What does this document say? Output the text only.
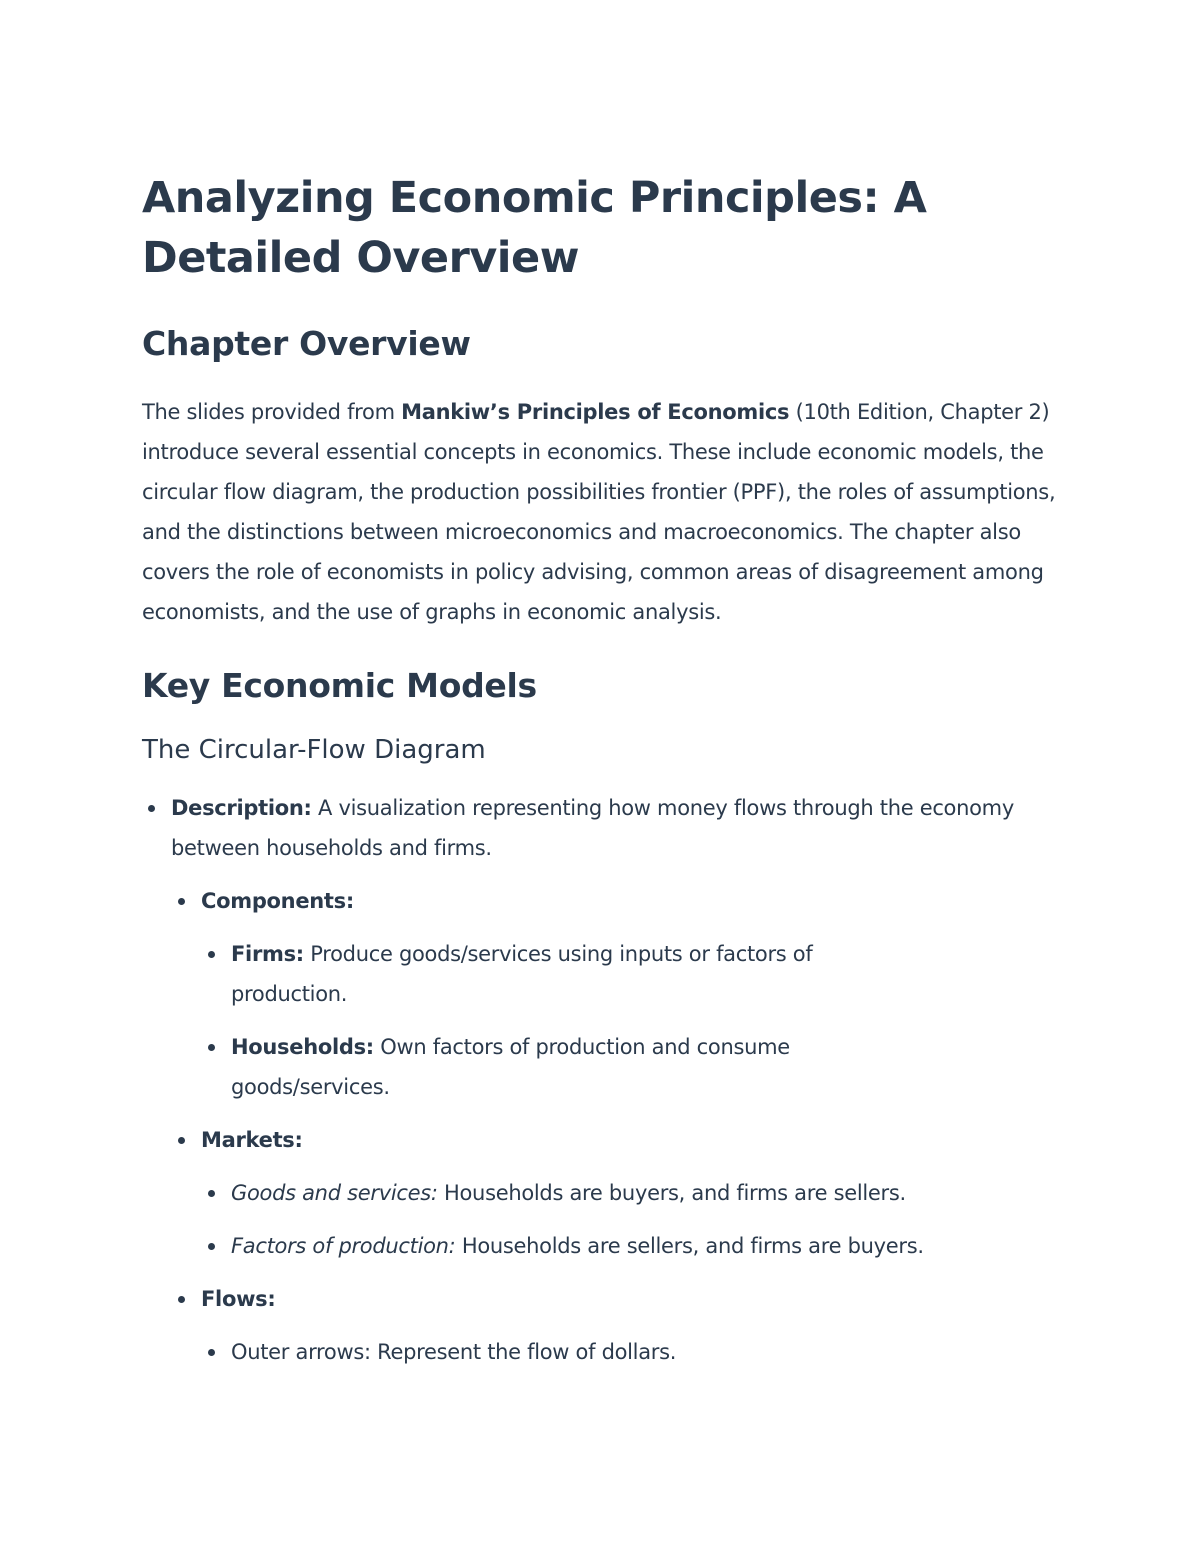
Analyzing Economic Principles: A Detailed Overview
Chapter Overview

The slides provided from Mankiw’s Principles of Economics (10th Edition, Chapter 2) introduce several essential concepts in economics. These include economic models, the circular flow diagram, the production possibilities frontier (PPF), the roles of assumptions, and the distinctions between microeconomics and macroeconomics. The chapter also covers the role of economists in policy advising, common areas of disagreement among economists, and the use of graphs in economic analysis.

Key Economic Models
The Circular-Flow Diagram
Description: A visualization representing how money flows through the economy between households and firms.
Components:
Firms: Produce goods/services using inputs or factors of production.
Households: Own factors of production and consume goods/services.
Markets:
Goods and services: Households are buyers, and firms are sellers.
Factors of production: Households are sellers, and firms are buyers.
Flows:
Outer arrows: Represent the flow of dollars.
